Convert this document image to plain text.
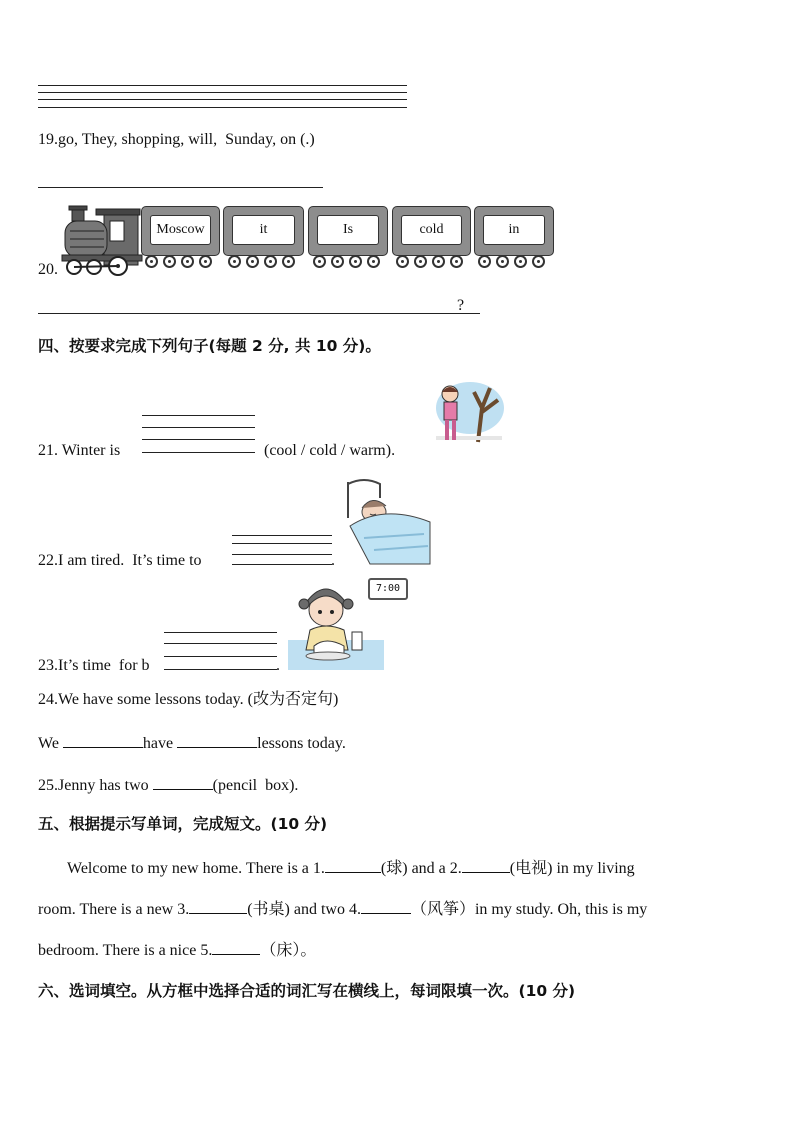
19.go, They, shopping, will,  Sunday, on (.)
20.
Moscow	it	Is	cold	in
?
四、按要求完成下列句子(每题 2 分, 共 10 分)。
21. Winter is	(cool / cold / warm).
22.I am tired.  It’s time to	.
7:00
23.It’s time  for b	.
24.We have some lessons today. (改为否定句)
We	have	lessons today.
25.Jenny has two	(pencil  box).
五、根据提示写单词，完成短文。(10 分)
Welcome to my new home. There is a 1.	(球) and a 2.	(电视) in my living
room. There is a new 3.	(书桌) and two 4.	（风筝）in my study. Oh, this is my
bedroom. There is a nice 5.	（床）。
六、选词填空。从方框中选择合适的词汇写在横线上，每词限填一次。(10 分)
